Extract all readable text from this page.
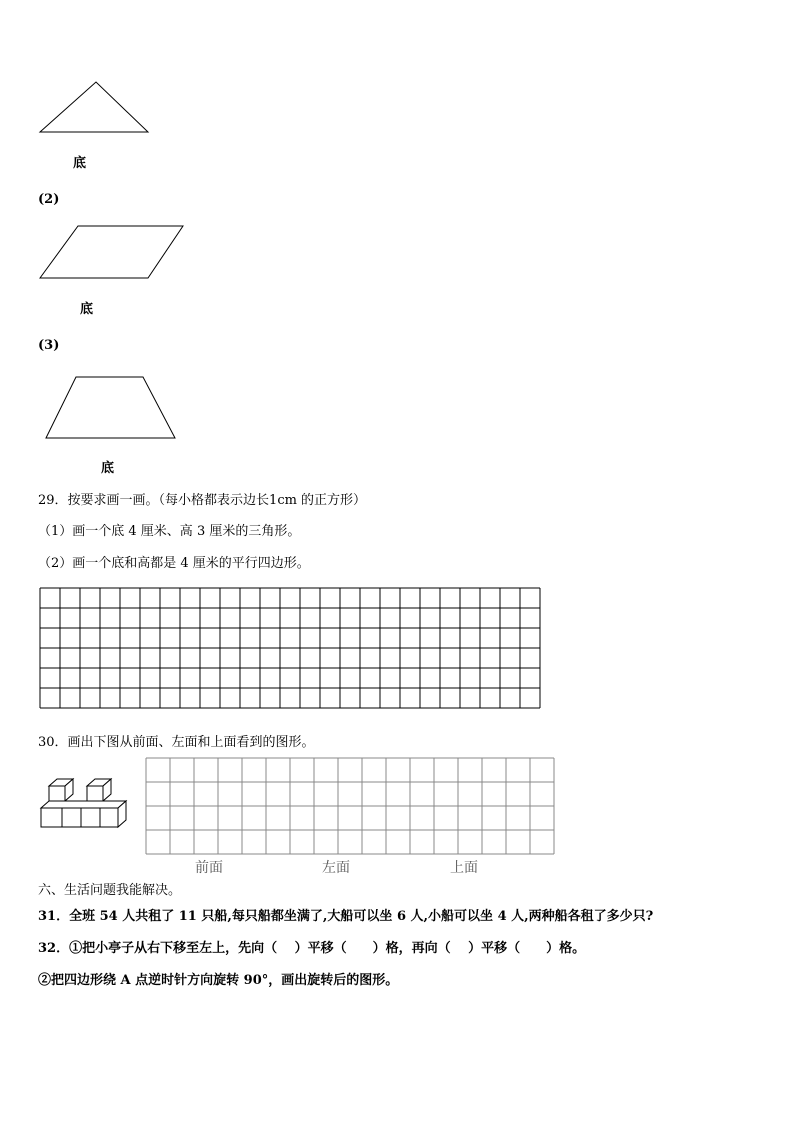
底
(2)
底
(3)
底
29．按要求画一画。（每小格都表示边长1cm 的正方形）
（1）画一个底 4 厘米、高 3 厘米的三角形。
（2）画一个底和高都是 4 厘米的平行四边形。
30．画出下图从前面、左面和上面看到的图形。
前面	左面	上面
六、生活问题我能解决。
31．全班 54 人共租了 11 只船,每只船都坐满了,大船可以坐 6 人,小船可以坐 4 人,两种船各租了多少只?
32．①把小亭子从右下移至左上，先向（　 ）平移（　　）格，再向（　 ）平移（　　）格。
②把四边形绕 A 点逆时针方向旋转 90°，画出旋转后的图形。
